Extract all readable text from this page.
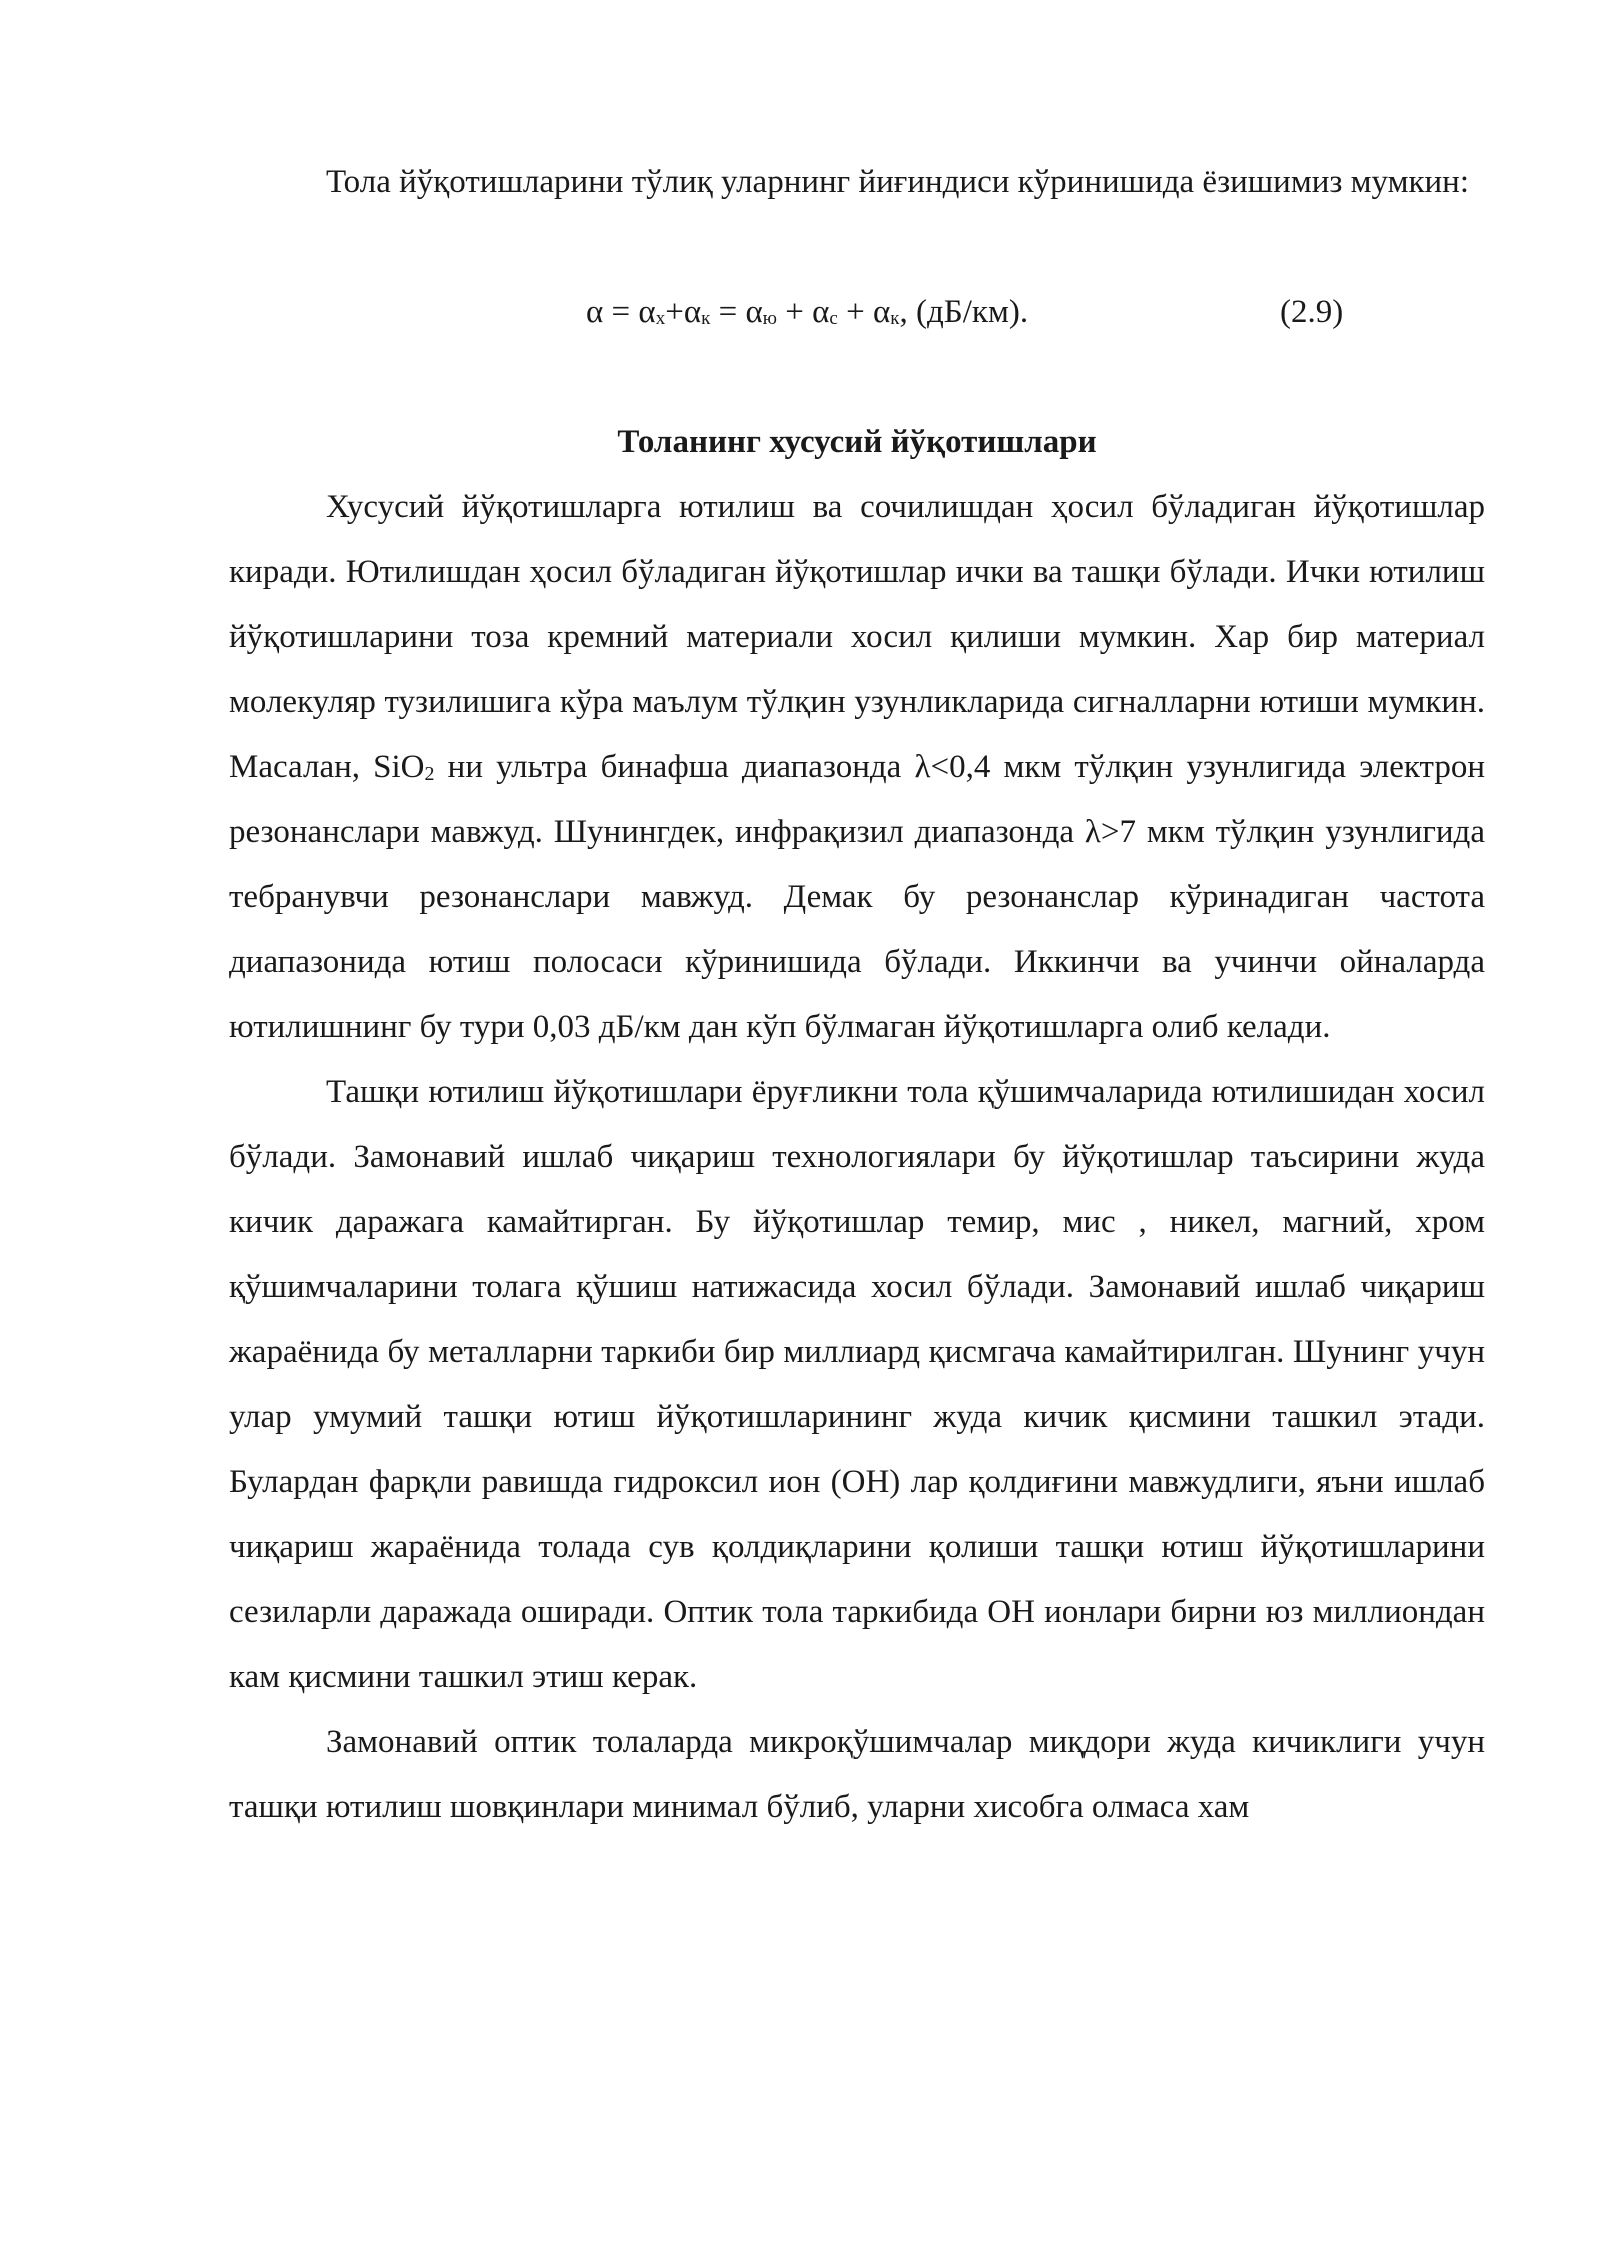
Тола йўқотишларини тўлиқ уларнинг йиғиндиси кўринишида ёзишимиз мумкин:

$\alpha = \alpha_х+\alpha_к = \alpha_ю + \alpha_с + \alpha_к$, (дБ/км).	(2.9)
Толанинг хусусий йўқотишлари

Хусусий йўқотишларга ютилиш ва сочилишдан ҳосил бўладиган йўқотишлар киради. Ютилишдан ҳосил бўладиган йўқотишлар ички ва ташқи бўлади. Ички ютилиш йўқотишларини тоза кремний материали хосил қилиши мумкин. Хар бир материал молекуляр тузилишига кўра маълум тўлқин узунликларида сигналларни ютиши мумкин. Масалан, SiO$_2$ ни ультра бинафша диапазонда λ<0,4 мкм тўлқин узунлигида электрон резонанслари мавжуд. Шунингдек, инфрақизил диапазонда λ>7 мкм тўлқин узунлигида тебранувчи резонанслари мавжуд. Демак бу резонанслар кўринадиган частота диапазонида ютиш полосаси кўринишида бўлади. Иккинчи ва учинчи ойналарда ютилишнинг бу тури 0,03 дБ/км дан кўп бўлмаган йўқотишларга олиб келади.

Ташқи ютилиш йўқотишлари ёруғликни тола қўшимчаларида ютилишидан хосил бўлади. Замонавий ишлаб чиқариш технологиялари бу йўқотишлар таъсирини жуда кичик даражага камайтирган. Бу йўқотишлар темир, мис , никел, магний, хром қўшимчаларини толага қўшиш натижасида хосил бўлади. Замонавий ишлаб чиқариш жараёнида бу металларни таркиби бир миллиард қисмгача камайтирилган. Шунинг учун улар умумий ташқи ютиш йўқотишларининг жуда кичик қисмини ташкил этади. Булардан фарқли равишда гидроксил ион (OH) лар қолдиғини мавжудлиги, яъни ишлаб чиқариш жараёнида толада сув қолдиқларини қолиши ташқи ютиш йўқотишларини сезиларли даражада оширади. Оптик тола таркибида OH ионлари бирни юз миллиондан кам қисмини ташкил этиш керак.

Замонавий оптик толаларда микроқўшимчалар миқдори жуда кичиклиги учун ташқи ютилиш шовқинлари минимал бўлиб, уларни хисобга олмаса хам
